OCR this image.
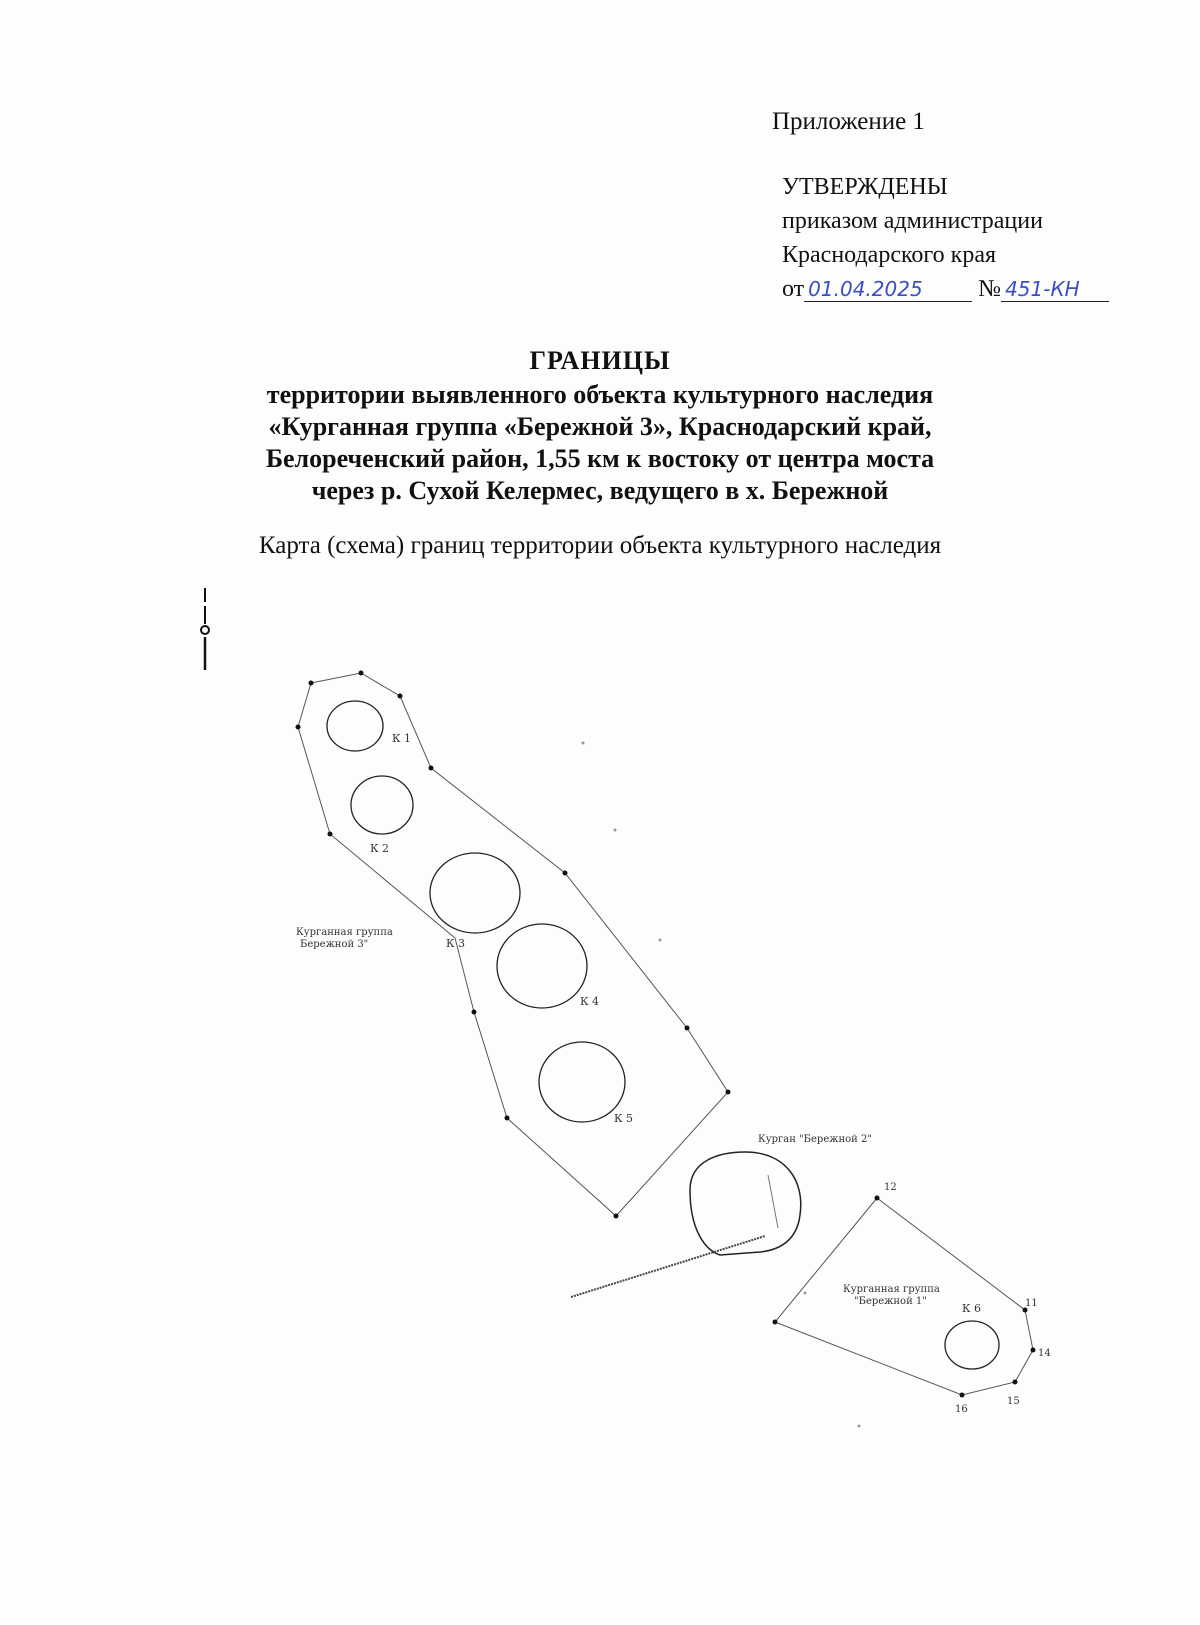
Приложение 1
УТВЕРЖДЕНЫ
приказом администрации
Краснодарского края
от 01.04.2025 № 451-КН
ГРАНИЦЫ
территории выявленного объекта культурного наследия
«Курганная группа «Бережной 3», Краснодарский край,
Белореченский район, 1,55 км к востоку от центра моста
через р. Сухой Келермес, ведущего в х. Бережной
Карта (схема) границ территории объекта культурного наследия
К 1
К 2
К 3
К 4
К 5
Курганная группа
Бережной 3"
Курган "Бережной 2"
К 6
Курганная группа
"Бережной 1"
12
11
14
15
16
